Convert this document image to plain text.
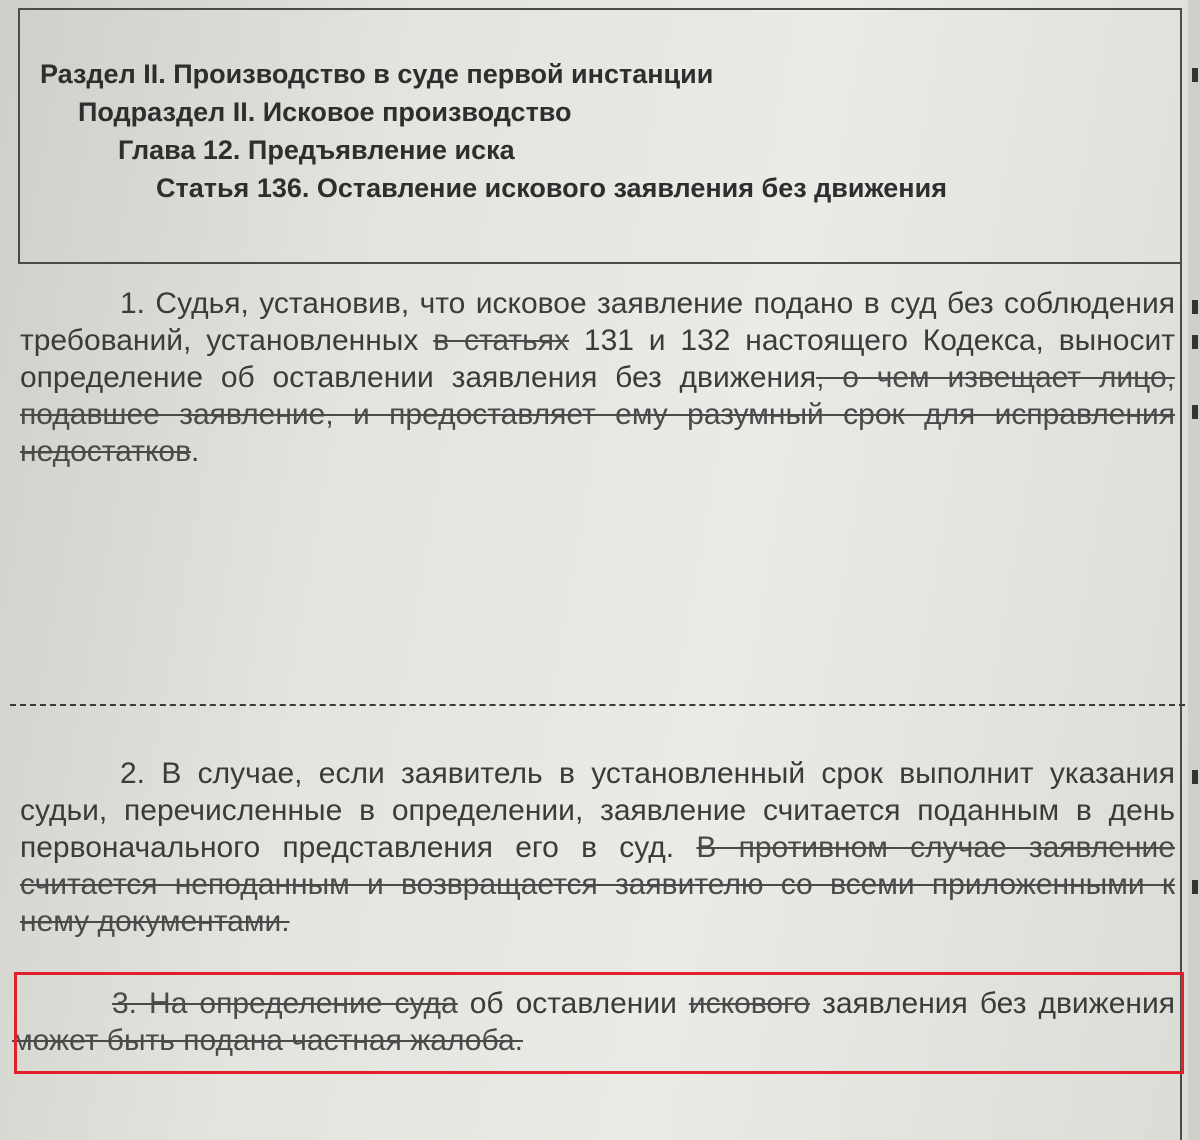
Раздел II. Производство в суде первой инстанции
Подраздел II. Исковое производство
Глава 12. Предъявление иска
Статья 136. Оставление искового заявления без движения
1. Судья, установив, что исковое заявление подано в суд без соблюдения требований, установленных в статьях 131 и 132 настоящего Кодекса, выносит определение об оставлении заявления без движения, о чем извещает лицо, подавшее заявление, и предоставляет ему разумный срок для исправления недостатков.
2. В случае, если заявитель в установленный срок выполнит указания судьи, перечисленные в определении, заявление считается поданным в день первоначального представления его в суд. В противном случае заявление считается неподанным и возвращается заявителю со всеми приложенными к нему документами.
3. На определение суда об оставлении искового заявления без движения может быть подана частная жалоба.
